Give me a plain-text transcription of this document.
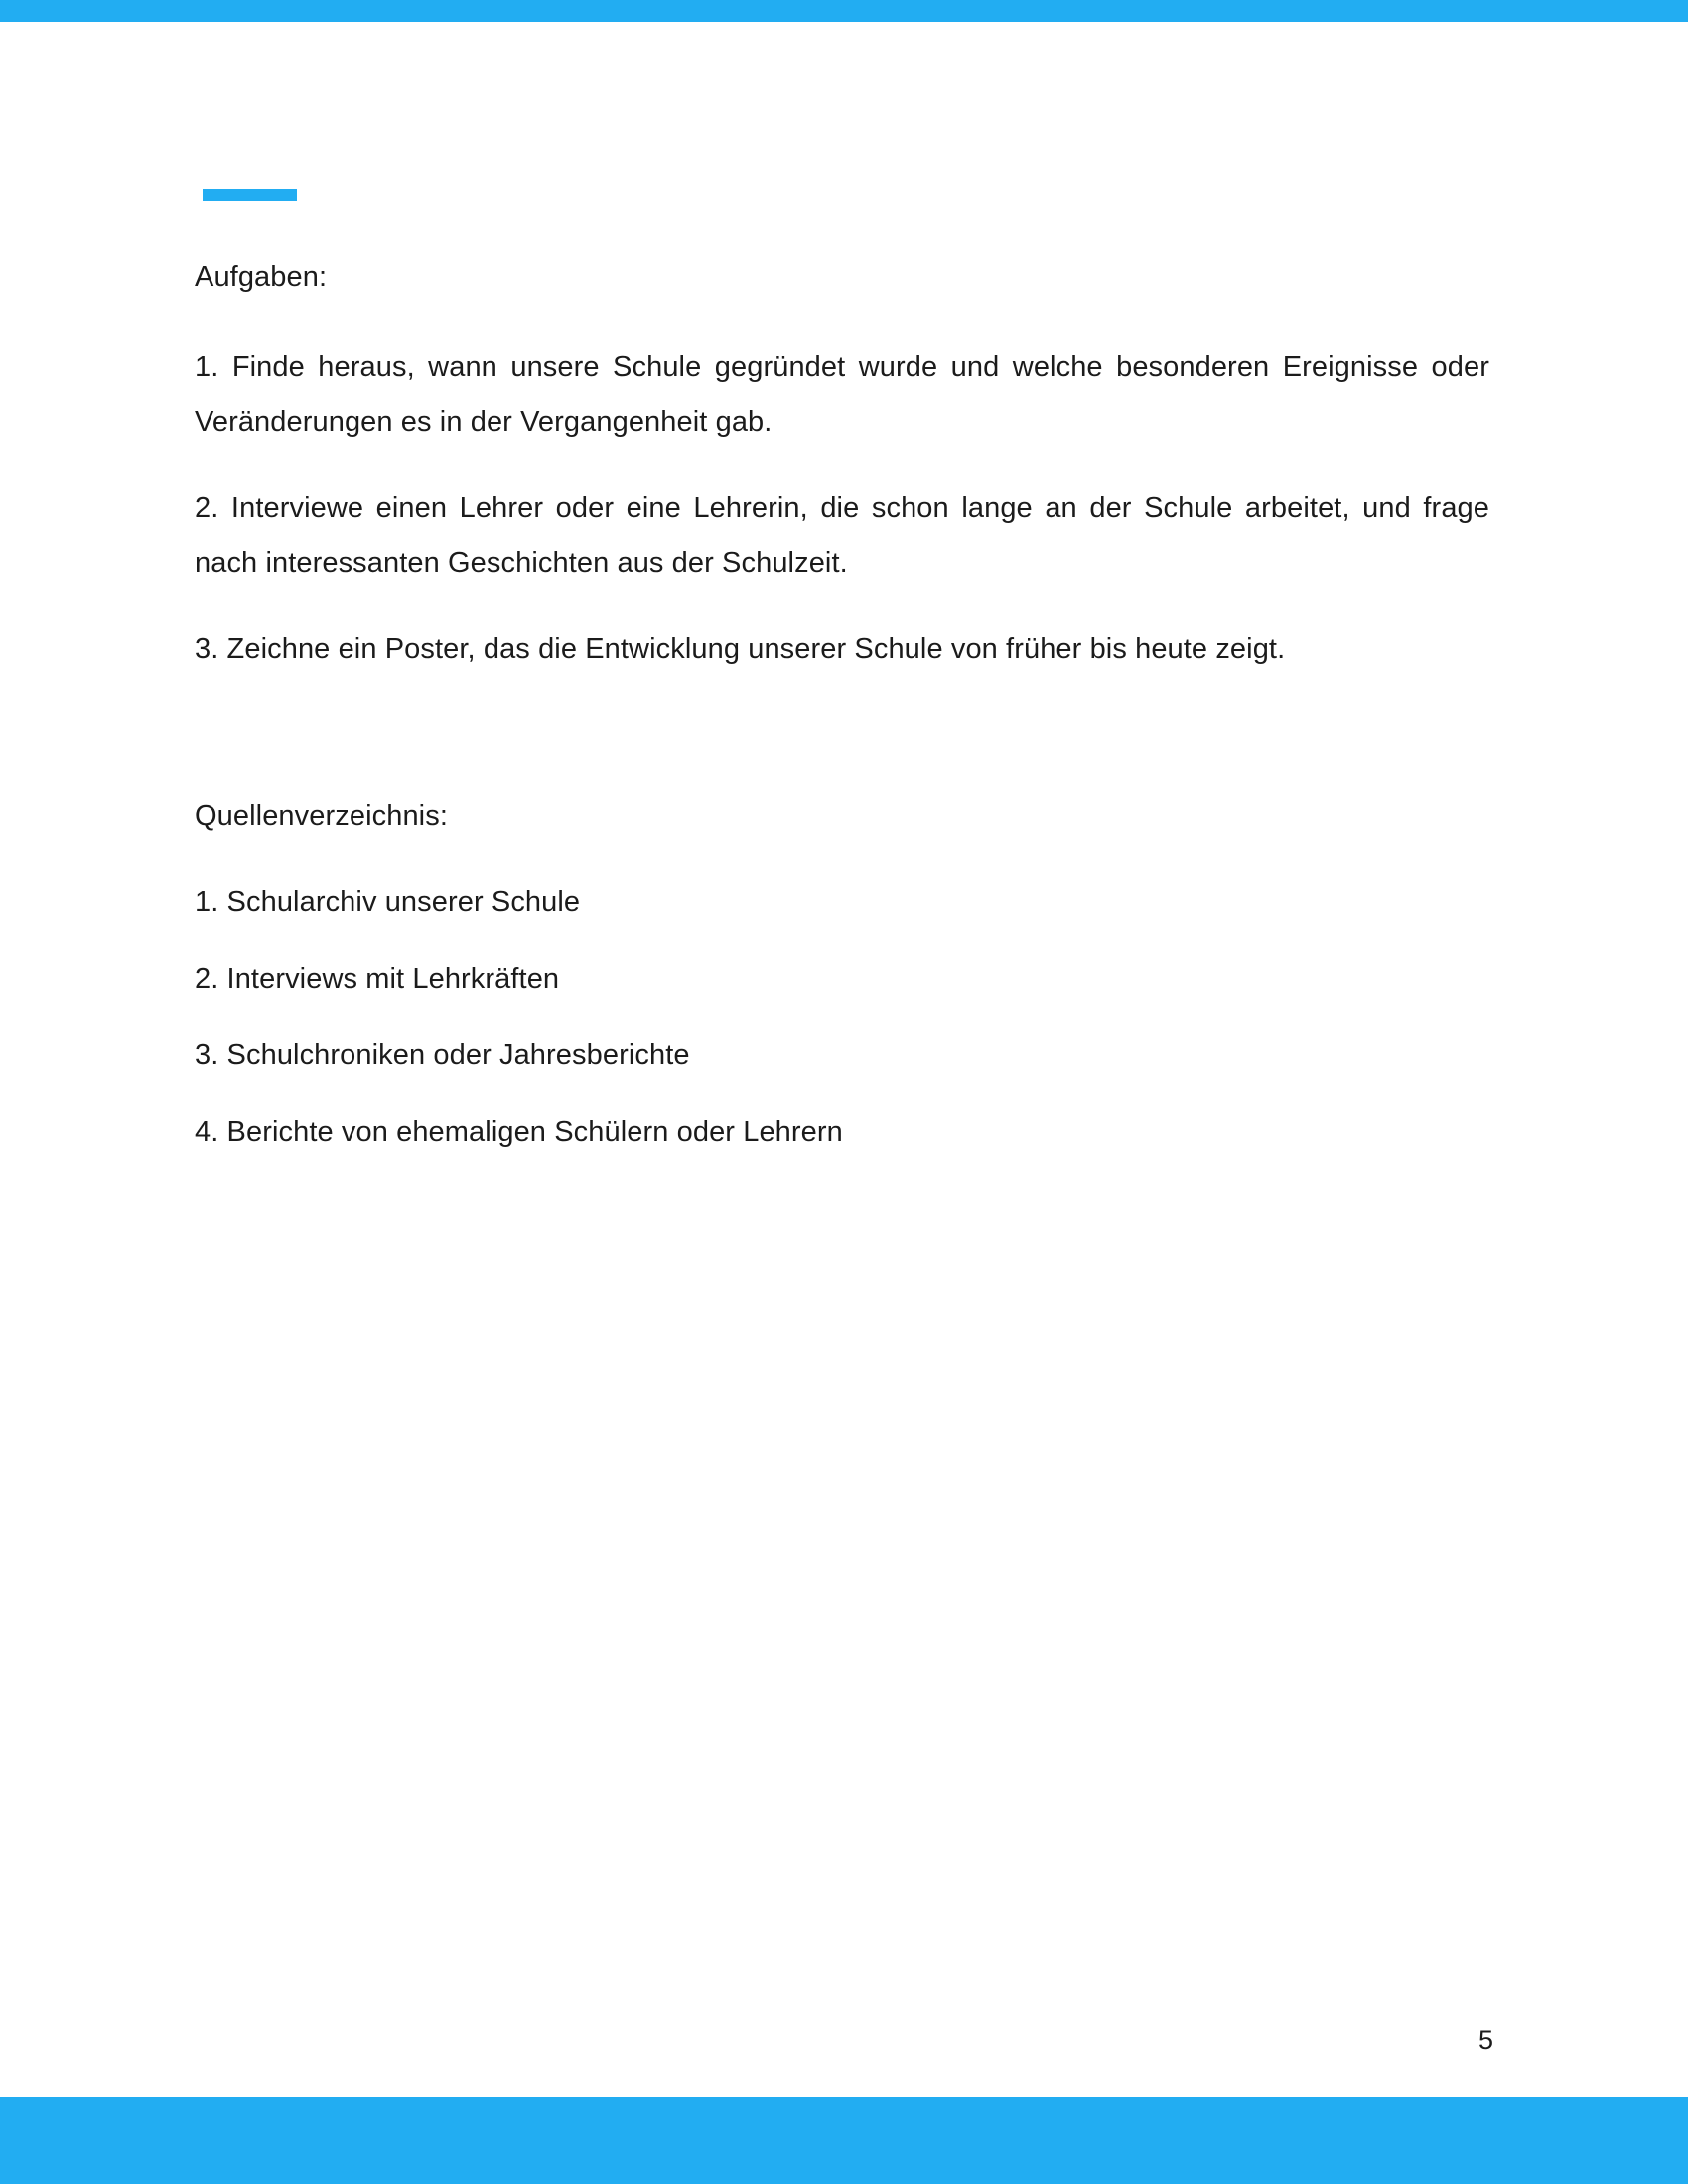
Aufgaben:

1. Finde heraus, wann unsere Schule gegründet wurde und welche besonderen Ereignisse oder Veränderungen es in der Vergangenheit gab.

2. Interviewe einen Lehrer oder eine Lehrerin, die schon lange an der Schule arbeitet, und frage nach interessanten Geschichten aus der Schulzeit.

3. Zeichne ein Poster, das die Entwicklung unserer Schule von früher bis heute zeigt.

Quellenverzeichnis:

1. Schularchiv unserer Schule

2. Interviews mit Lehrkräften

3. Schulchroniken oder Jahresberichte

4. Berichte von ehemaligen Schülern oder Lehrern

5
